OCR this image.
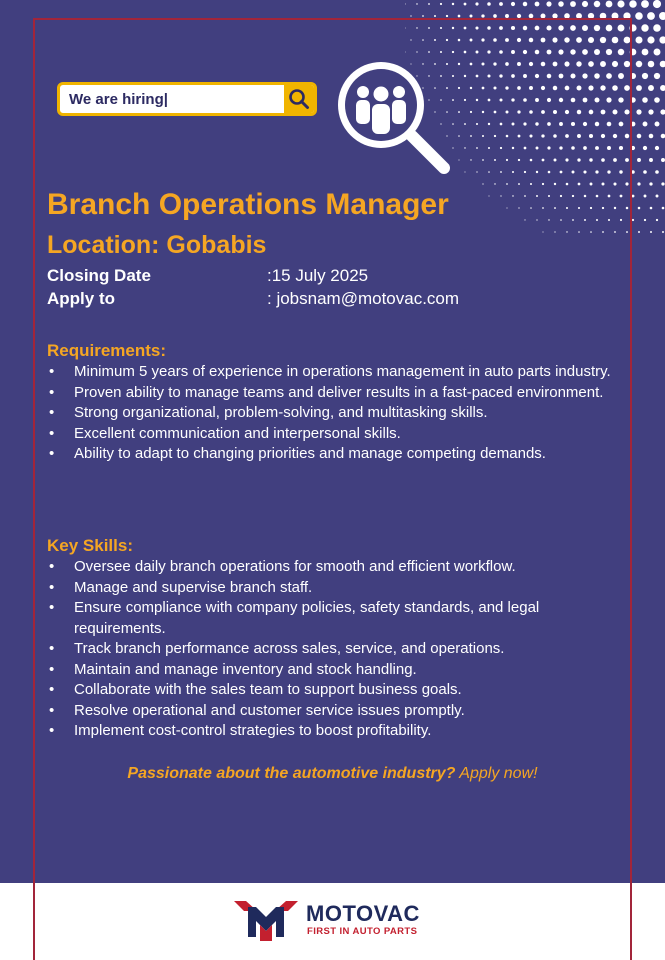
We are hiring|
Branch Operations Manager
Location: Gobabis
Closing Date	:15 July 2025
Apply to	: jobsnam@motovac.com
Requirements:
• Minimum 5 years of experience in operations management in auto parts industry.
• Proven ability to manage teams and deliver results in a fast-paced environment.
• Strong organizational, problem-solving, and multitasking skills.
• Excellent communication and interpersonal skills.
• Ability to adapt to changing priorities and manage competing demands.
Key Skills:
• Oversee daily branch operations for smooth and efficient workflow.
• Manage and supervise branch staff.
• Ensure compliance with company policies, safety standards, and legal requirements.
• Track branch performance across sales, service, and operations.
• Maintain and manage inventory and stock handling.
• Collaborate with the sales team to support business goals.
• Resolve operational and customer service issues promptly.
• Implement cost-control strategies to boost profitability.
Passionate about the automotive industry? Apply now!
MOTOVAC
FIRST IN AUTO PARTS
